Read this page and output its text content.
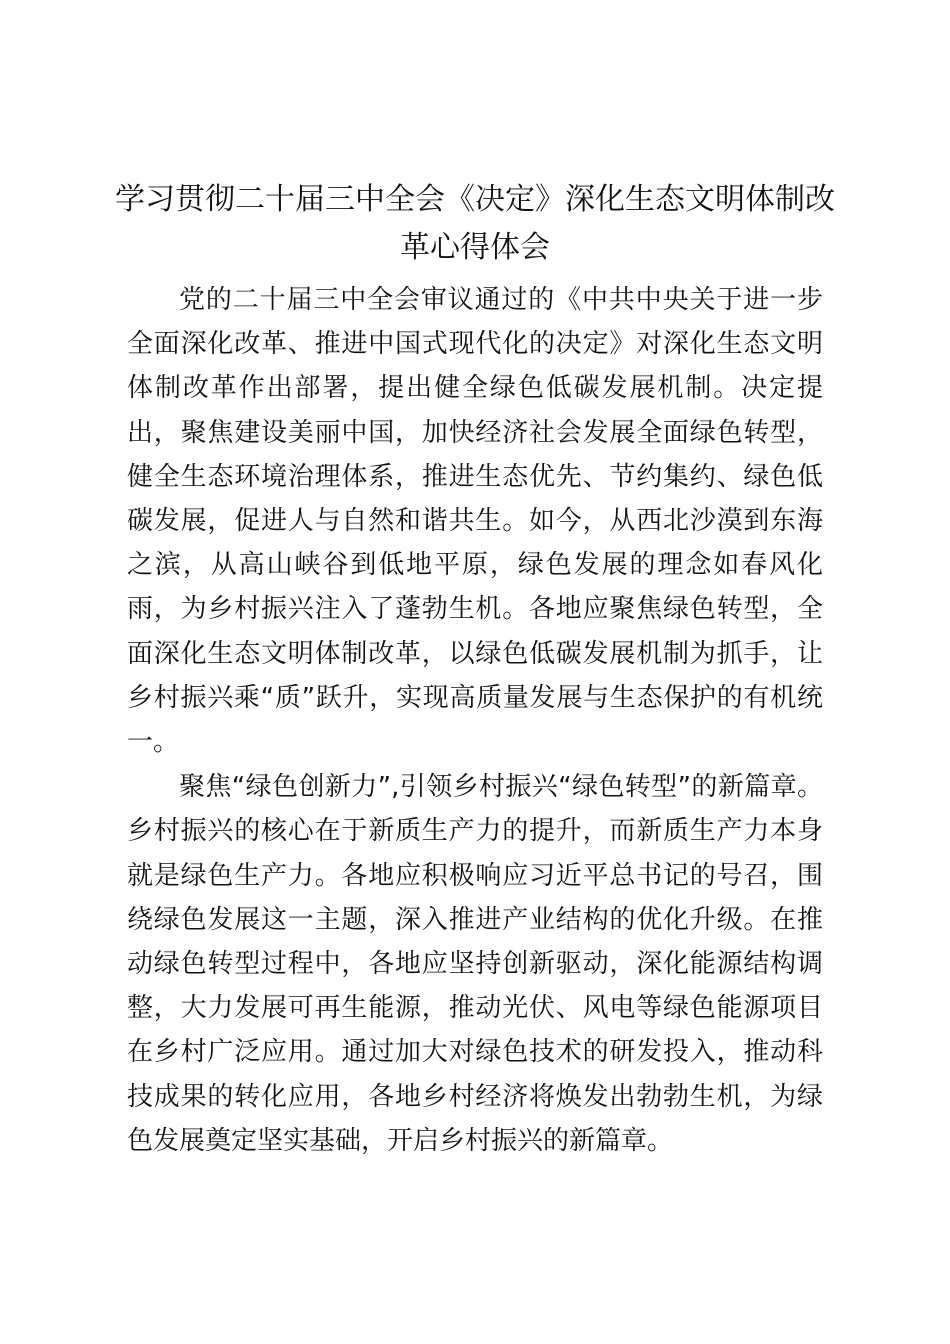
学习贯彻二十届三中全会《决定》深化生态文明体制改革心得体会

党的二十届三中全会审议通过的《中共中央关于进一步全面深化改革、推进中国式现代化的决定》对深化生态文明体制改革作出部署，提出健全绿色低碳发展机制。决定提出，聚焦建设美丽中国，加快经济社会发展全面绿色转型，健全生态环境治理体系，推进生态优先、节约集约、绿色低碳发展，促进人与自然和谐共生。如今，从西北沙漠到东海之滨，从高山峡谷到低地平原，绿色发展的理念如春风化雨，为乡村振兴注入了蓬勃生机。各地应聚焦绿色转型，全面深化生态文明体制改革，以绿色低碳发展机制为抓手，让乡村振兴乘“质”跃升，实现高质量发展与生态保护的有机统一。

聚焦“绿色创新力”,引领乡村振兴“绿色转型”的新篇章。乡村振兴的核心在于新质生产力的提升，而新质生产力本身就是绿色生产力。各地应积极响应习近平总书记的号召，围绕绿色发展这一主题，深入推进产业结构的优化升级。在推动绿色转型过程中，各地应坚持创新驱动，深化能源结构调整，大力发展可再生能源，推动光伏、风电等绿色能源项目在乡村广泛应用。通过加大对绿色技术的研发投入，推动科技成果的转化应用，各地乡村经济将焕发出勃勃生机，为绿色发展奠定坚实基础，开启乡村振兴的新篇章。
